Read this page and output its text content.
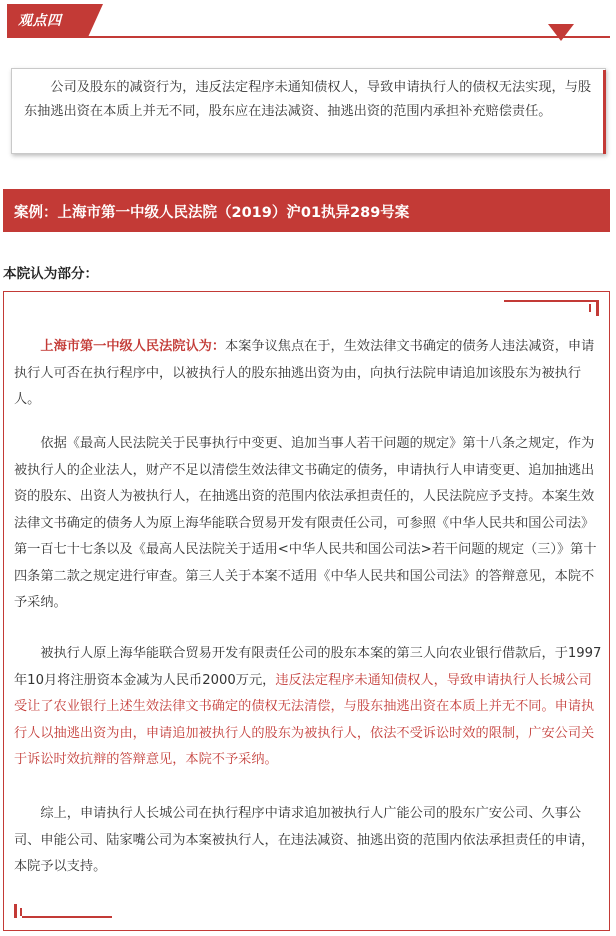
观点四
公司及股东的减资行为，违反法定程序未通知债权人，导致申请执行人的债权无法实现，与股东抽逃出资在本质上并无不同，股东应在违法减资、抽逃出资的范围内承担补充赔偿责任。
案例：上海市第一中级人民法院（2019）沪01执异289号案
本院认为部分：
上海市第一中级人民法院认为：本案争议焦点在于，生效法律文书确定的债务人违法减资，申请执行人可否在执行程序中，以被执行人的股东抽逃出资为由，向执行法院申请追加该股东为被执行人。
依据《最高人民法院关于民事执行中变更、追加当事人若干问题的规定》第十八条之规定，作为被执行人的企业法人，财产不足以清偿生效法律文书确定的债务，申请执行人申请变更、追加抽逃出资的股东、出资人为被执行人，在抽逃出资的范围内依法承担责任的，人民法院应予支持。本案生效法律文书确定的债务人为原上海华能联合贸易开发有限责任公司，可参照《中华人民共和国公司法》第一百七十七条以及《最高人民法院关于适用<中华人民共和国公司法>若干问题的规定（三）》第十四条第二款之规定进行审查。第三人关于本案不适用《中华人民共和国公司法》的答辩意见，本院不予采纳。
被执行人原上海华能联合贸易开发有限责任公司的股东本案的第三人向农业银行借款后，于1997年10月将注册资本金减为人民币2000万元，违反法定程序未通知债权人，导致申请执行人长城公司受让了农业银行上述生效法律文书确定的债权无法清偿，与股东抽逃出资在本质上并无不同。申请执行人以抽逃出资为由，申请追加被执行人的股东为被执行人，依法不受诉讼时效的限制，广安公司关于诉讼时效抗辩的答辩意见，本院不予采纳。
综上，申请执行人长城公司在执行程序中请求追加被执行人广能公司的股东广安公司、久事公司、申能公司、陆家嘴公司为本案被执行人，在违法减资、抽逃出资的范围内依法承担责任的申请，本院予以支持。
